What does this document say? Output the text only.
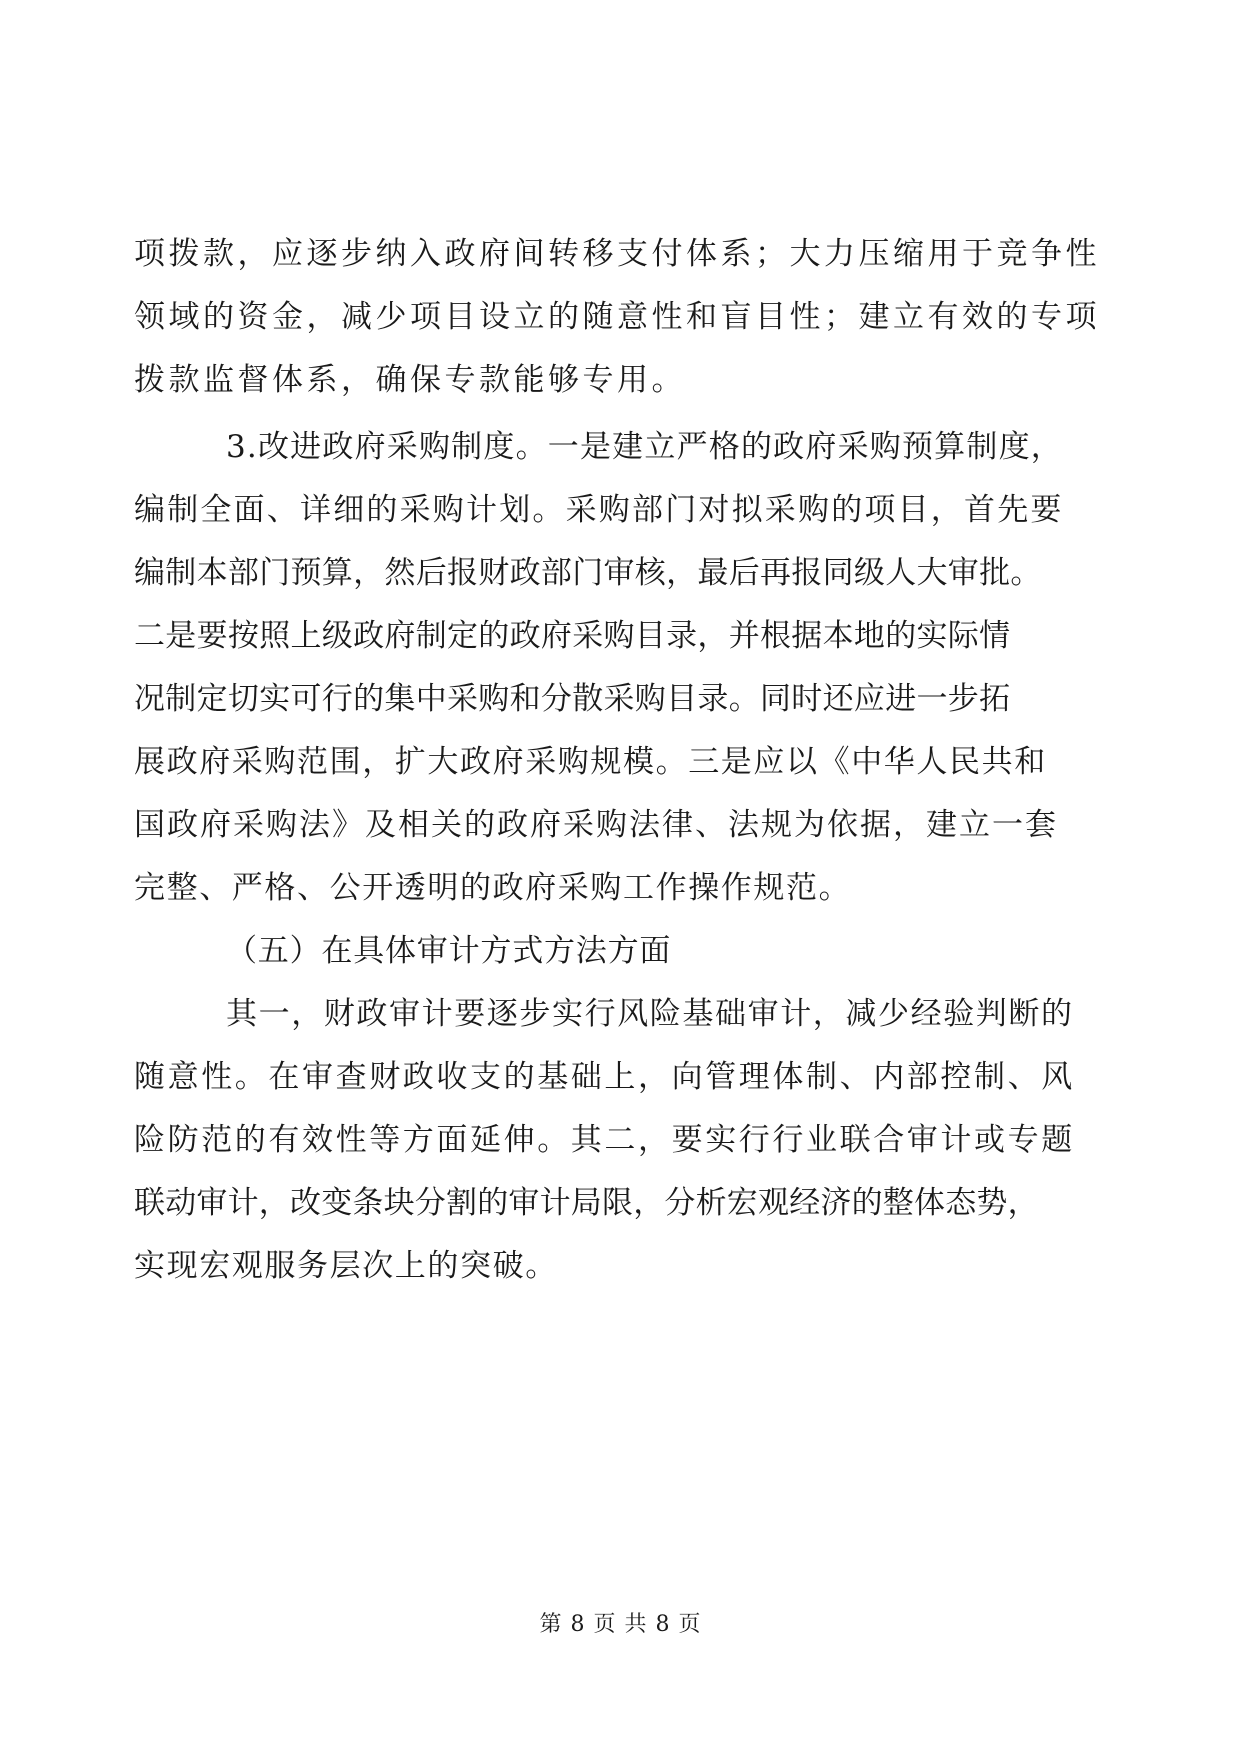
项拨款，应逐步纳入政府间转移支付体系；大力压缩用于竞争性
领域的资金，减少项目设立的随意性和盲目性；建立有效的专项
拨款监督体系，确保专款能够专用。
3.改进政府采购制度。一是建立严格的政府采购预算制度，
编制全面、详细的采购计划。采购部门对拟采购的项目，首先要
编制本部门预算，然后报财政部门审核，最后再报同级人大审批。
二是要按照上级政府制定的政府采购目录，并根据本地的实际情
况制定切实可行的集中采购和分散采购目录。同时还应进一步拓
展政府采购范围，扩大政府采购规模。三是应以《中华人民共和
国政府采购法》及相关的政府采购法律、法规为依据，建立一套
完整、严格、公开透明的政府采购工作操作规范。
（五）在具体审计方式方法方面
其一，财政审计要逐步实行风险基础审计，减少经验判断的
随意性。在审查财政收支的基础上，向管理体制、内部控制、风
险防范的有效性等方面延伸。其二，要实行行业联合审计或专题
联动审计，改变条块分割的审计局限，分析宏观经济的整体态势，
实现宏观服务层次上的突破。
第 8 页 共 8 页
